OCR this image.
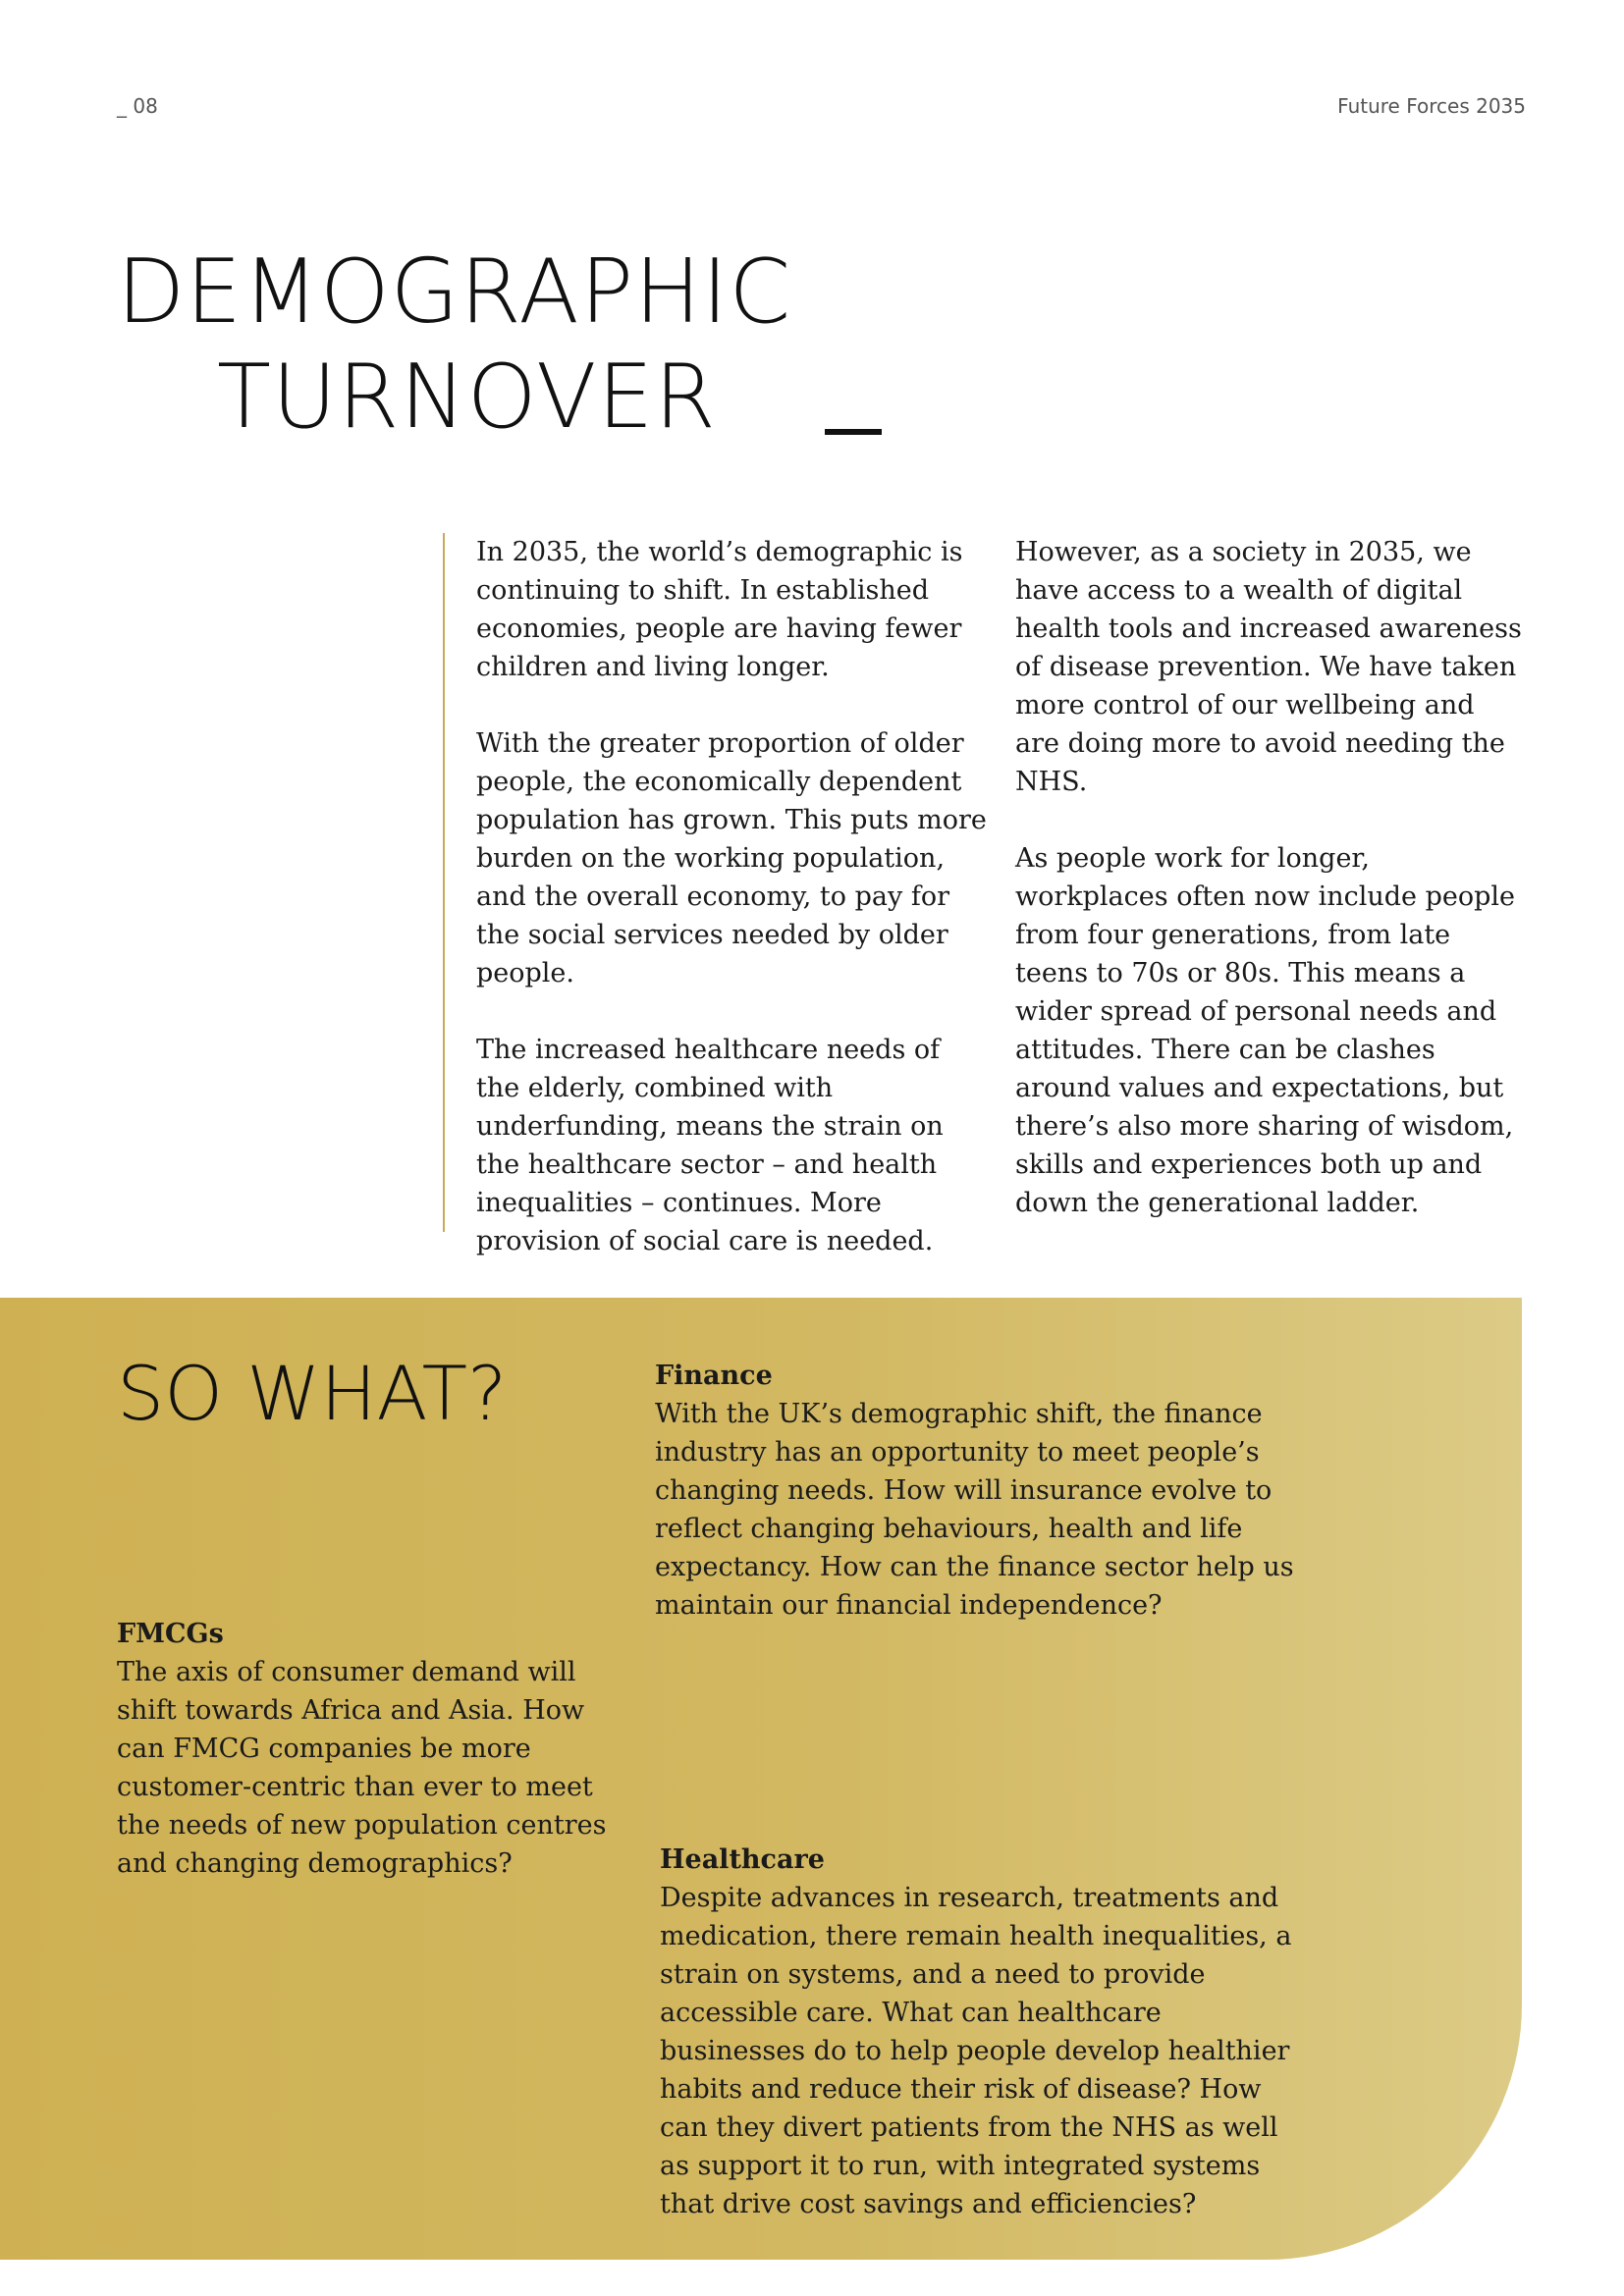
_ 08	Future Forces 2035
DEMOGRAPHIC
TURNOVER

In 2035, the world’s demographic is continuing to shift. In established economies, people are having fewer children and living longer.

With the greater proportion of older people, the economically dependent population has grown. This puts more burden on the working population, and the overall economy, to pay for the social services needed by older people.

The increased healthcare needs of the elderly, combined with underfunding, means the strain on the healthcare sector – and health inequalities – continues. More provision of social care is needed.

However, as a society in 2035, we have access to a wealth of digital health tools and increased awareness of disease prevention. We have taken more control of our wellbeing and are doing more to avoid needing the NHS.

As people work for longer, workplaces often now include people from four generations, from late teens to 70s or 80s. This means a wider spread of personal needs and attitudes. There can be clashes around values and expectations, but there’s also more sharing of wisdom, skills and experiences both up and down the generational ladder.

SO WHAT?	Finance

With the UK’s demographic shift, the finance industry has an opportunity to meet people’s changing needs. How will insurance evolve to reflect changing behaviours, health and life expectancy. How can the finance sector help us maintain our financial independence?

FMCGs

The axis of consumer demand will shift towards Africa and Asia. How can FMCG companies be more customer-centric than ever to meet the needs of new population centres and changing demographics?	Healthcare

Despite advances in research, treatments and medication, there remain health inequalities, a strain on systems, and a need to provide accessible care. What can healthcare businesses do to help people develop healthier habits and reduce their risk of disease? How can they divert patients from the NHS as well as support it to run, with integrated systems that drive cost savings and efficiencies?
